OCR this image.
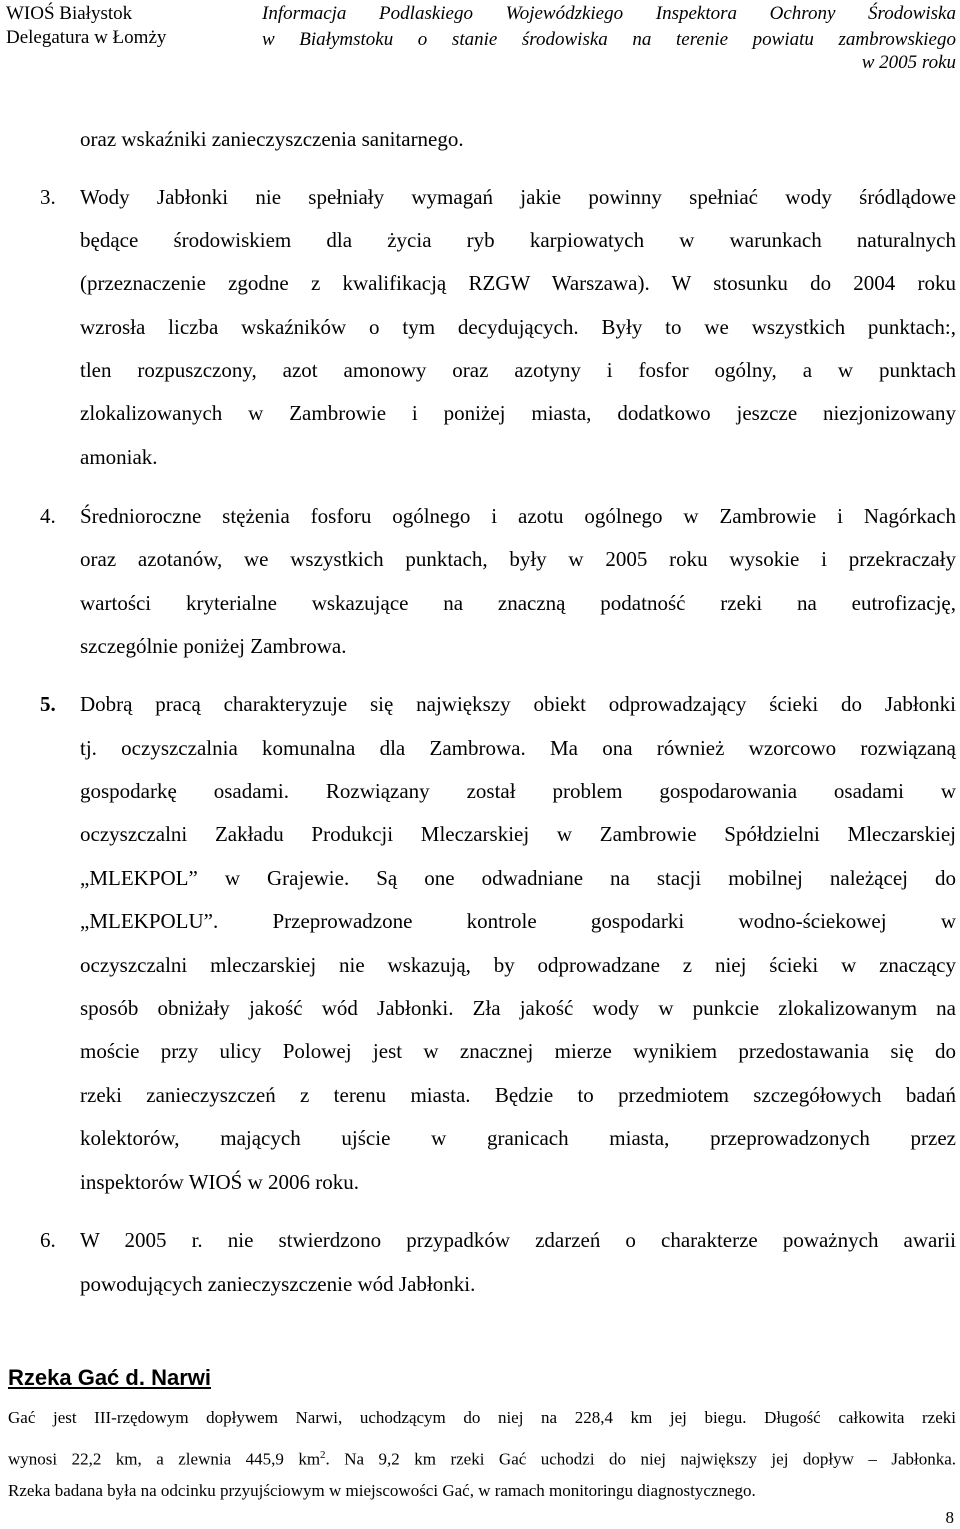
WIOŚ Białystok
Delegatura w Łomży
Informacja Podlaskiego Wojewódzkiego Inspektora Ochrony Środowiska
w Białymstoku o stanie środowiska na terenie powiatu zambrowskiego
w 2005 roku
oraz wskaźniki zanieczyszczenia sanitarnego.
3. Wody Jabłonki nie spełniały wymagań jakie powinny spełniać wody śródlądowe
będące środowiskiem dla życia ryb karpiowatych w warunkach naturalnych
(przeznaczenie zgodne z kwalifikacją RZGW Warszawa). W stosunku do 2004 roku
wzrosła liczba wskaźników o tym decydujących. Były to we wszystkich punktach:,
tlen rozpuszczony, azot amonowy oraz azotyny i fosfor ogólny, a w punktach
zlokalizowanych w Zambrowie i poniżej miasta, dodatkowo jeszcze niezjonizowany
amoniak.
4. Średnioroczne stężenia fosforu ogólnego i azotu ogólnego w Zambrowie i Nagórkach
oraz azotanów, we wszystkich punktach, były w 2005 roku wysokie i przekraczały
wartości kryterialne wskazujące na znaczną podatność rzeki na eutrofizację,
szczególnie poniżej Zambrowa.
5. Dobrą pracą charakteryzuje się największy obiekt odprowadzający ścieki do Jabłonki
tj. oczyszczalnia komunalna dla Zambrowa. Ma ona również wzorcowo rozwiązaną
gospodarkę osadami. Rozwiązany został problem gospodarowania osadami w
oczyszczalni Zakładu Produkcji Mleczarskiej w Zambrowie Spółdzielni Mleczarskiej
„MLEKPOL” w Grajewie. Są one odwadniane na stacji mobilnej należącej do
„MLEKPOLU”. Przeprowadzone kontrole gospodarki wodno-ściekowej w
oczyszczalni mleczarskiej nie wskazują, by odprowadzane z niej ścieki w znaczący
sposób obniżały jakość wód Jabłonki. Zła jakość wody w punkcie zlokalizowanym na
moście przy ulicy Polowej jest w znacznej mierze wynikiem przedostawania się do
rzeki zanieczyszczeń z terenu miasta. Będzie to przedmiotem szczegółowych badań
kolektorów, mających ujście w granicach miasta, przeprowadzonych przez
inspektorów WIOŚ w 2006 roku.
6. W 2005 r. nie stwierdzono przypadków zdarzeń o charakterze poważnych awarii
powodujących zanieczyszczenie wód Jabłonki.
Rzeka Gać d. Narwi
Gać jest III-rzędowym dopływem Narwi, uchodzącym do niej na 228,4 km jej biegu. Długość całkowita rzeki
wynosi 22,2 km, a zlewnia 445,9 $km^2$. Na 9,2 km rzeki Gać uchodzi do niej największy jej dopływ – Jabłonka.
Rzeka badana była na odcinku przyujściowym w miejscowości Gać, w ramach monitoringu diagnostycznego.
8
